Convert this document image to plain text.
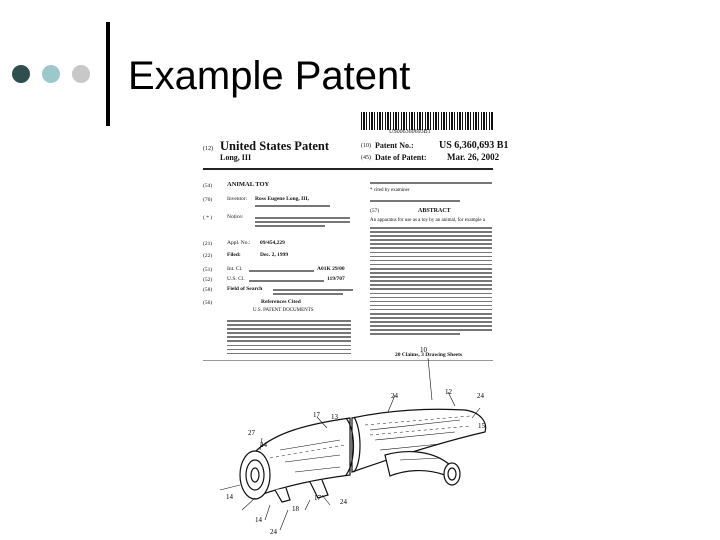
Example Patent
US006360693B1
(12) United States Patent
Long, III
(10) Patent No.:	US 6,360,693 B1
(45) Date of Patent: Mar. 26, 2002
(54) ANIMAL TOY
(76)	Inventor: Ross Eugene Long, III,
( * )	Notice:
(21)	Appl. No.: 09/454,229
(22)	Filed:	Dec. 2, 1999
(51)	Int. Cl.	A01K 29/00
(52)	U.S. Cl.	119/707
(58)	Field of Search
(56)	References Cited
U.S. PATENT DOCUMENTS
* cited by examiner
(57)	ABSTRACT
An apparatus for use as a toy by an animal, for example a
20 Claims, 3 Drawing Sheets
10
24	12	24
15
13
27
24
17
14
14
18
24
17	24
